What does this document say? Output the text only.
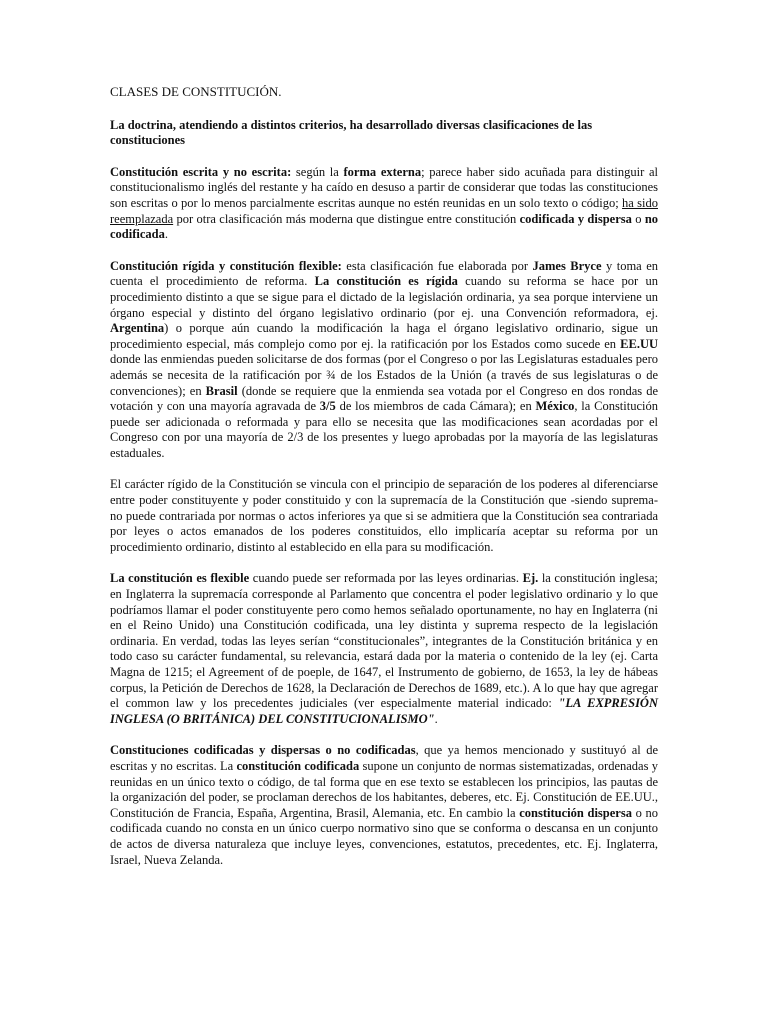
CLASES DE CONSTITUCIÓN.
La doctrina, atendiendo a distintos criterios, ha desarrollado diversas clasificaciones de las constituciones

Constitución escrita y no escrita: según la forma externa; parece haber sido acuñada para distinguir al constitucionalismo inglés del restante y ha caído en desuso a partir de considerar que todas las constituciones son escritas o por lo menos parcialmente escritas aunque no estén reunidas en un solo texto o código; ha sido reemplazada por otra clasificación más moderna que distingue entre constitución codificada y dispersa o no codificada.

Constitución rígida y constitución flexible: esta clasificación fue elaborada por James Bryce y toma en cuenta el procedimiento de reforma. La constitución es rígida cuando su reforma se hace por un procedimiento distinto a que se sigue para el dictado de la legislación ordinaria, ya sea porque interviene un órgano especial y distinto del órgano legislativo ordinario (por ej. una Convención reformadora, ej. Argentina) o porque aún cuando la modificación la haga el órgano legislativo ordinario, sigue un procedimiento especial, más complejo como por ej. la ratificación por los Estados como sucede en EE.UU donde las enmiendas pueden solicitarse de dos formas (por el Congreso o por las Legislaturas estaduales pero además se necesita de la ratificación por ¾ de los Estados de la Unión (a través de sus legislaturas o de convenciones); en Brasil (donde se requiere que la enmienda sea votada por el Congreso en dos rondas de votación y con una mayoría agravada de 3/5 de los miembros de cada Cámara); en México, la Constitución puede ser adicionada o reformada y para ello se necesita que las modificaciones sean acordadas por el Congreso con por una mayoría de 2/3 de los presentes y luego aprobadas por la mayoría de las legislaturas estaduales.

El carácter rígido de la Constitución se vincula con el principio de separación de los poderes al diferenciarse entre poder constituyente y poder constituido y con la supremacía de la Constitución que -siendo suprema- no puede contrariada por normas o actos inferiores ya que si se admitiera que la Constitución sea contrariada por leyes o actos emanados de los poderes constituidos, ello implicaría aceptar su reforma por un procedimiento ordinario, distinto al establecido en ella para su modificación.

La constitución es flexible cuando puede ser reformada por las leyes ordinarias. Ej. la constitución inglesa; en Inglaterra la supremacía corresponde al Parlamento que concentra el poder legislativo ordinario y lo que podríamos llamar el poder constituyente pero como hemos señalado oportunamente, no hay en Inglaterra (ni en el Reino Unido) una Constitución codificada, una ley distinta y suprema respecto de la legislación ordinaria. En verdad, todas las leyes serían “constitucionales”, integrantes de la Constitución británica y en todo caso su carácter fundamental, su relevancia, estará dada por la materia o contenido de la ley (ej. Carta Magna de 1215; el Agreement of de poeple, de 1647, el Instrumento de gobierno, de 1653, la ley de hábeas corpus, la Petición de Derechos de 1628, la Declaración de Derechos de 1689, etc.). A lo que hay que agregar el common law y los precedentes judiciales (ver especialmente material indicado: "LA EXPRESIÓN INGLESA (O BRITÁNICA) DEL CONSTITUCIONALISMO".

Constituciones codificadas y dispersas o no codificadas, que ya hemos mencionado y sustituyó al de escritas y no escritas. La constitución codificada supone un conjunto de normas sistematizadas, ordenadas y reunidas en un único texto o código, de tal forma que en ese texto se establecen los principios, las pautas de la organización del poder, se proclaman derechos de los habitantes, deberes, etc. Ej. Constitución de EE.UU., Constitución de Francia, España, Argentina, Brasil, Alemania, etc. En cambio la constitución dispersa o no codificada cuando no consta en un único cuerpo normativo sino que se conforma o descansa en un conjunto de actos de diversa naturaleza que incluye leyes, convenciones, estatutos, precedentes, etc. Ej. Inglaterra, Israel, Nueva Zelanda.
